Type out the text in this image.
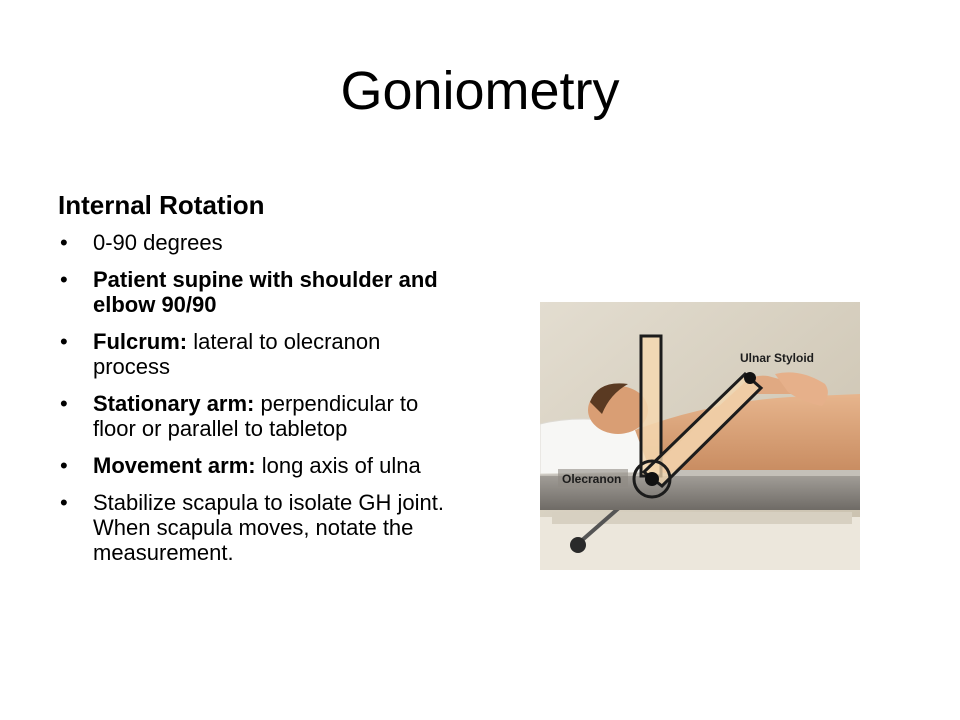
Goniometry
Internal Rotation
• 0-90 degrees
• Patient supine with shoulder and elbow 90/90
• Fulcrum: lateral to olecranon process
• Stationary arm: perpendicular to floor or parallel to tabletop
• Movement arm: long axis of ulna
• Stabilize scapula to isolate GH joint. When scapula moves, notate the measurement.
Ulnar Styloid
Olecranon
